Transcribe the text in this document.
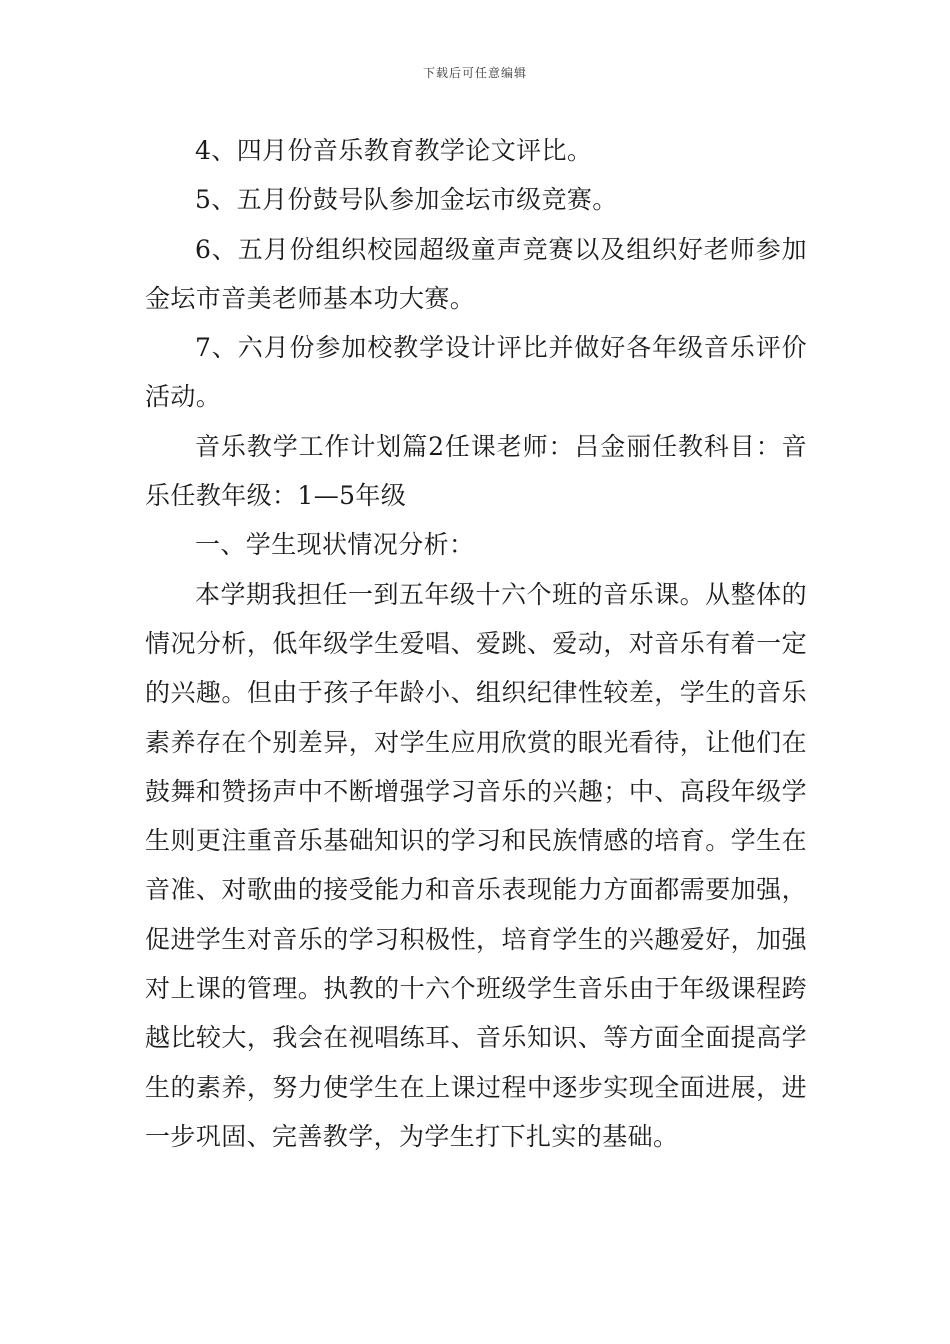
下载后可任意编辑

4、四月份音乐教育教学论文评比。

5、五月份鼓号队参加金坛市级竞赛。

6、五月份组织校园超级童声竞赛以及组织好老师参加金坛市音美老师基本功大赛。

7、六月份参加校教学设计评比并做好各年级音乐评价活动。

音乐教学工作计划篇2任课老师：吕金丽任教科目：音乐任教年级：1—5年级

一、学生现状情况分析：

本学期我担任一到五年级十六个班的音乐课。从整体的情况分析，低年级学生爱唱、爱跳、爱动，对音乐有着一定的兴趣。但由于孩子年龄小、组织纪律性较差，学生的音乐素养存在个别差异，对学生应用欣赏的眼光看待，让他们在鼓舞和赞扬声中不断增强学习音乐的兴趣；中、高段年级学生则更注重音乐基础知识的学习和民族情感的培育。学生在音准、对歌曲的接受能力和音乐表现能力方面都需要加强，促进学生对音乐的学习积极性，培育学生的兴趣爱好，加强对上课的管理。执教的十六个班级学生音乐由于年级课程跨越比较大，我会在视唱练耳、音乐知识、等方面全面提高学生的素养，努力使学生在上课过程中逐步实现全面进展，进一步巩固、完善教学，为学生打下扎实的基础。
